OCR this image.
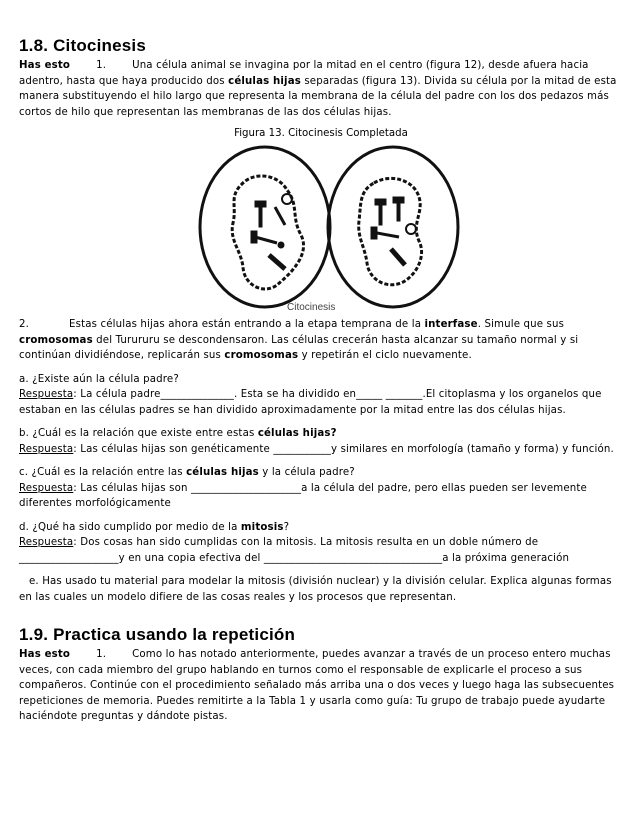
1.8. Citocinesis

Has esto	1.	Una célula animal se invagina por la mitad en el centro (figura 12), desde afuera hacia adentro, hasta que haya producido dos células hijas separadas (figura 13). Divida su célula por la mitad de esta manera substituyendo el hilo largo que representa la membrana de la célula del padre con los dos pedazos más cortos de hilo que representan las membranas de las dos células hijas.

Figura 13. Citocinesis Completada
Citocinesis

2.	Estas células hijas ahora están entrando a la etapa temprana de la interfase. Simule que sus cromosomas del Turururu se descondensaron. Las células crecerán hasta alcanzar su tamaño normal y si continúan dividiéndose, replicarán sus cromosomas y repetirán el ciclo nuevamente.

a. ¿Existe aún la célula padre?

Respuesta: La célula padre______________. Esta se ha dividido en_____ _______.El citoplasma y los organelos que estaban en las células padres se han dividido aproximadamente por la mitad entre las dos células hijas.

b. ¿Cuál es la relación que existe entre estas células hijas?

Respuesta: Las células hijas son genéticamente ___________y similares en morfología (tamaño y forma) y función.

c. ¿Cuál es la relación entre las células hijas y la célula padre?

Respuesta: Las células hijas son _____________________a la célula del padre, pero ellas pueden ser levemente diferentes morfológicamente

d. ¿Qué ha sido cumplido por medio de la mitosis?

Respuesta: Dos cosas han sido cumplidas con la mitosis. La mitosis resulta en un doble número de ___________________y en una copia efectiva del __________________________________a la próxima generación

e. Has usado tu material para modelar la mitosis (división nuclear) y la división celular. Explica algunas formas en las cuales un modelo difiere de las cosas reales y los procesos que representan.

1.9. Practica usando la repetición

Has esto	1.	Como lo has notado anteriormente, puedes avanzar a través de un proceso entero muchas veces, con cada miembro del grupo hablando en turnos como el responsable de explicarle el proceso a sus compañeros. Continúe con el procedimiento señalado más arriba una o dos veces y luego haga las subsecuentes repeticiones de memoria. Puedes remitirte a la Tabla 1 y usarla como guía: Tu grupo de trabajo puede ayudarte haciéndote preguntas y dándote pistas.
